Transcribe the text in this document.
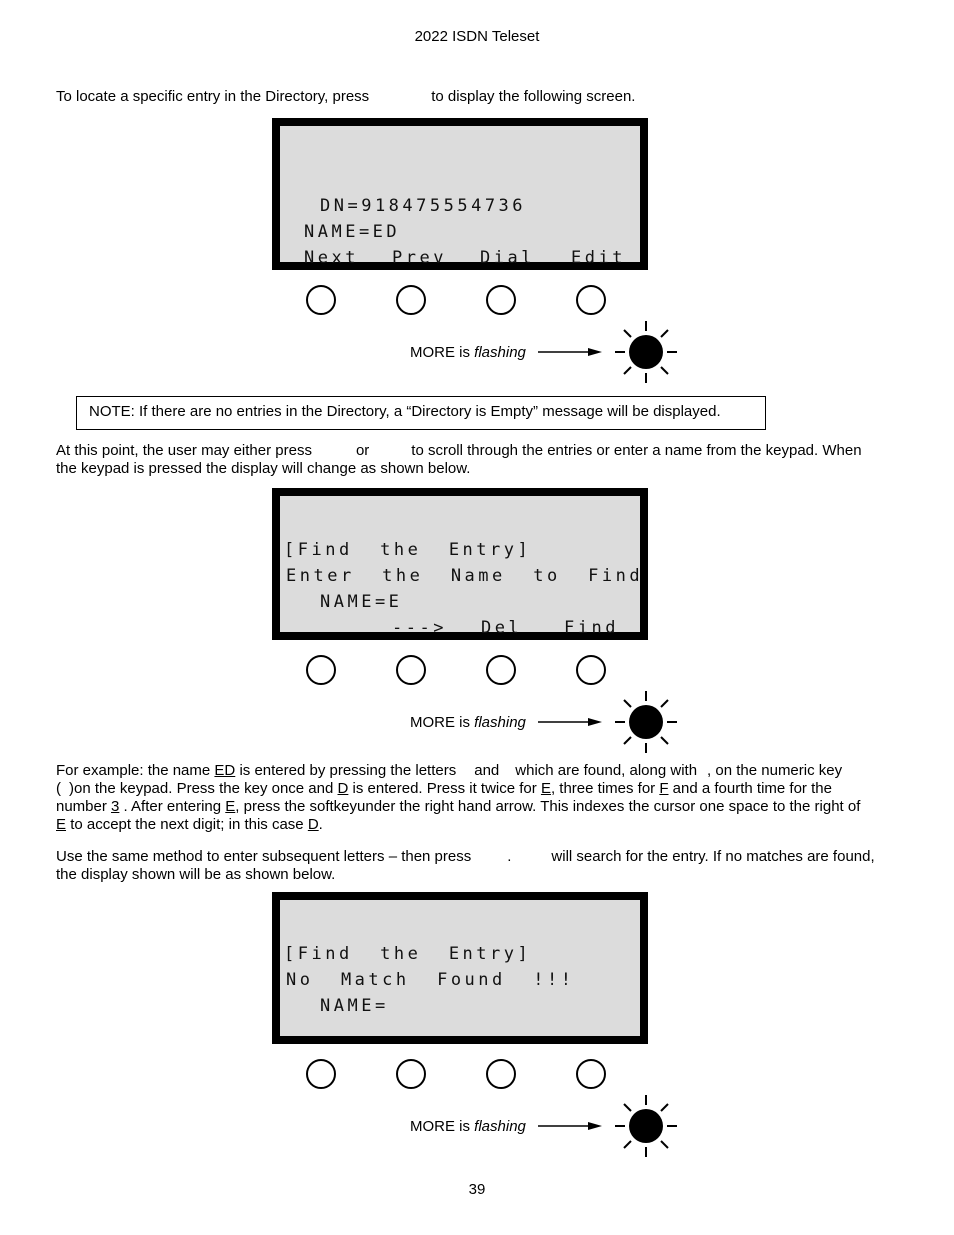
2022 ISDN Teleset
To locate a specific entry in the Directory, press	to display the following screen.
DN=918475554736
NAME=ED
Next Prev Dial Edit
MORE is flashing
NOTE: If there are no entries in the Directory, a “Directory is Empty” message will be displayed.
At this point, the user may either press	or	to scroll through the entries or enter a name from the keypad. When
the keypad is pressed the display will change as shown below.
[Find  the  Entry]
Enter  the  Name  to  Find
NAME=E
---> Del Find
MORE is flashing
For example: the name ED is entered by pressing the letters and which are found, along with , on the numeric key
( )on the keypad. Press the key once and D is entered. Press it twice for E, three times for F and a fourth time for the
number 3 . After entering E, press the softkeyunder the right hand arrow. This indexes the cursor one space to the right of
E to accept the next digit; in this case D.
Use the same method to enter subsequent letters – then press .	will search for the entry. If no matches are found,
the display shown will be as shown below.
[Find  the  Entry]
No  Match  Found  !!!
NAME=
MORE is flashing
39
